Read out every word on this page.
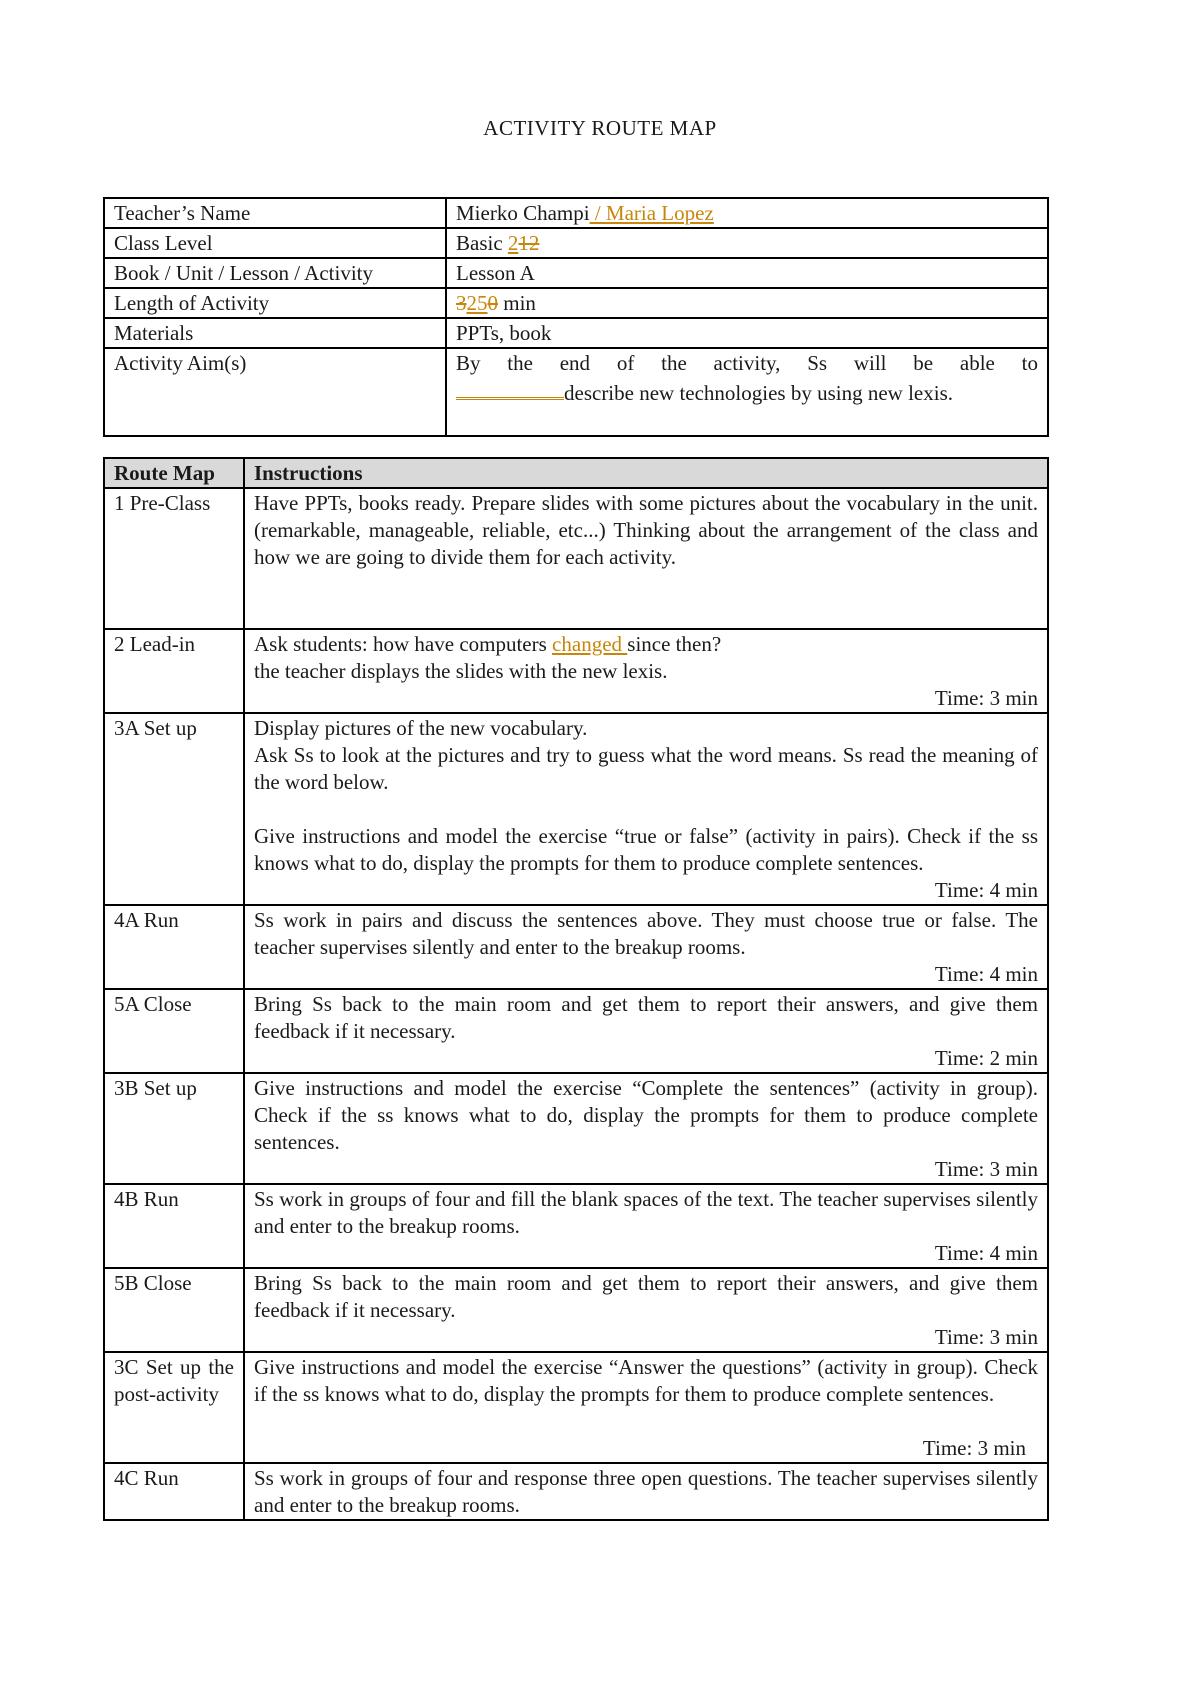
ACTIVITY ROUTE MAP
Teacher’s Name	Mierko Champi / Maria Lopez
Class Level	Basic 212
Book / Unit / Lesson / Activity	Lesson A
Length of Activity	3250 min
Materials	PPTs, book
Activity Aim(s)	By the end of the activity, Ss will be able to
describe new technologies by using new lexis.
Route Map	Instructions
1 Pre-Class	Have PPTs, books ready. Prepare slides with some pictures about the vocabulary in the unit. (remarkable, manageable, reliable, etc...) Thinking about the arrangement of the class and how we are going to divide them for each activity.
2 Lead-in	Ask students: how have computers changed since then?
the teacher displays the slides with the new lexis.
Time: 3 min

3A Set up	Display pictures of the new vocabulary.
Ask Ss to look at the pictures and try to guess what the word means. Ss read the meaning of the word below.
Give instructions and model the exercise “true or false” (activity in pairs). Check if the ss knows what to do, display the prompts for them to produce complete sentences.
Time: 4 min

4A Run	Ss work in pairs and discuss the sentences above. They must choose true or false. The teacher supervises silently and enter to the breakup rooms.
Time: 4 min

5A Close	Bring Ss back to the main room and get them to report their answers, and give them feedback if it necessary.
Time: 2 min

3B Set up	Give instructions and model the exercise “Complete the sentences” (activity in group). Check if the ss knows what to do, display the prompts for them to produce complete sentences.
Time: 3 min

4B Run	Ss work in groups of four and fill the blank spaces of the text. The teacher supervises silently and enter to the breakup rooms.
Time: 4 min

5B Close	Bring Ss back to the main room and get them to report their answers, and give them feedback if it necessary.
Time: 3 min

3C Set up the post-activity	Give instructions and model the exercise “Answer the questions” (activity in group). Check if the ss knows what to do, display the prompts for them to produce complete sentences.
Time: 3 min

4C Run	Ss work in groups of four and response three open questions. The teacher supervises silently and enter to the breakup rooms.
